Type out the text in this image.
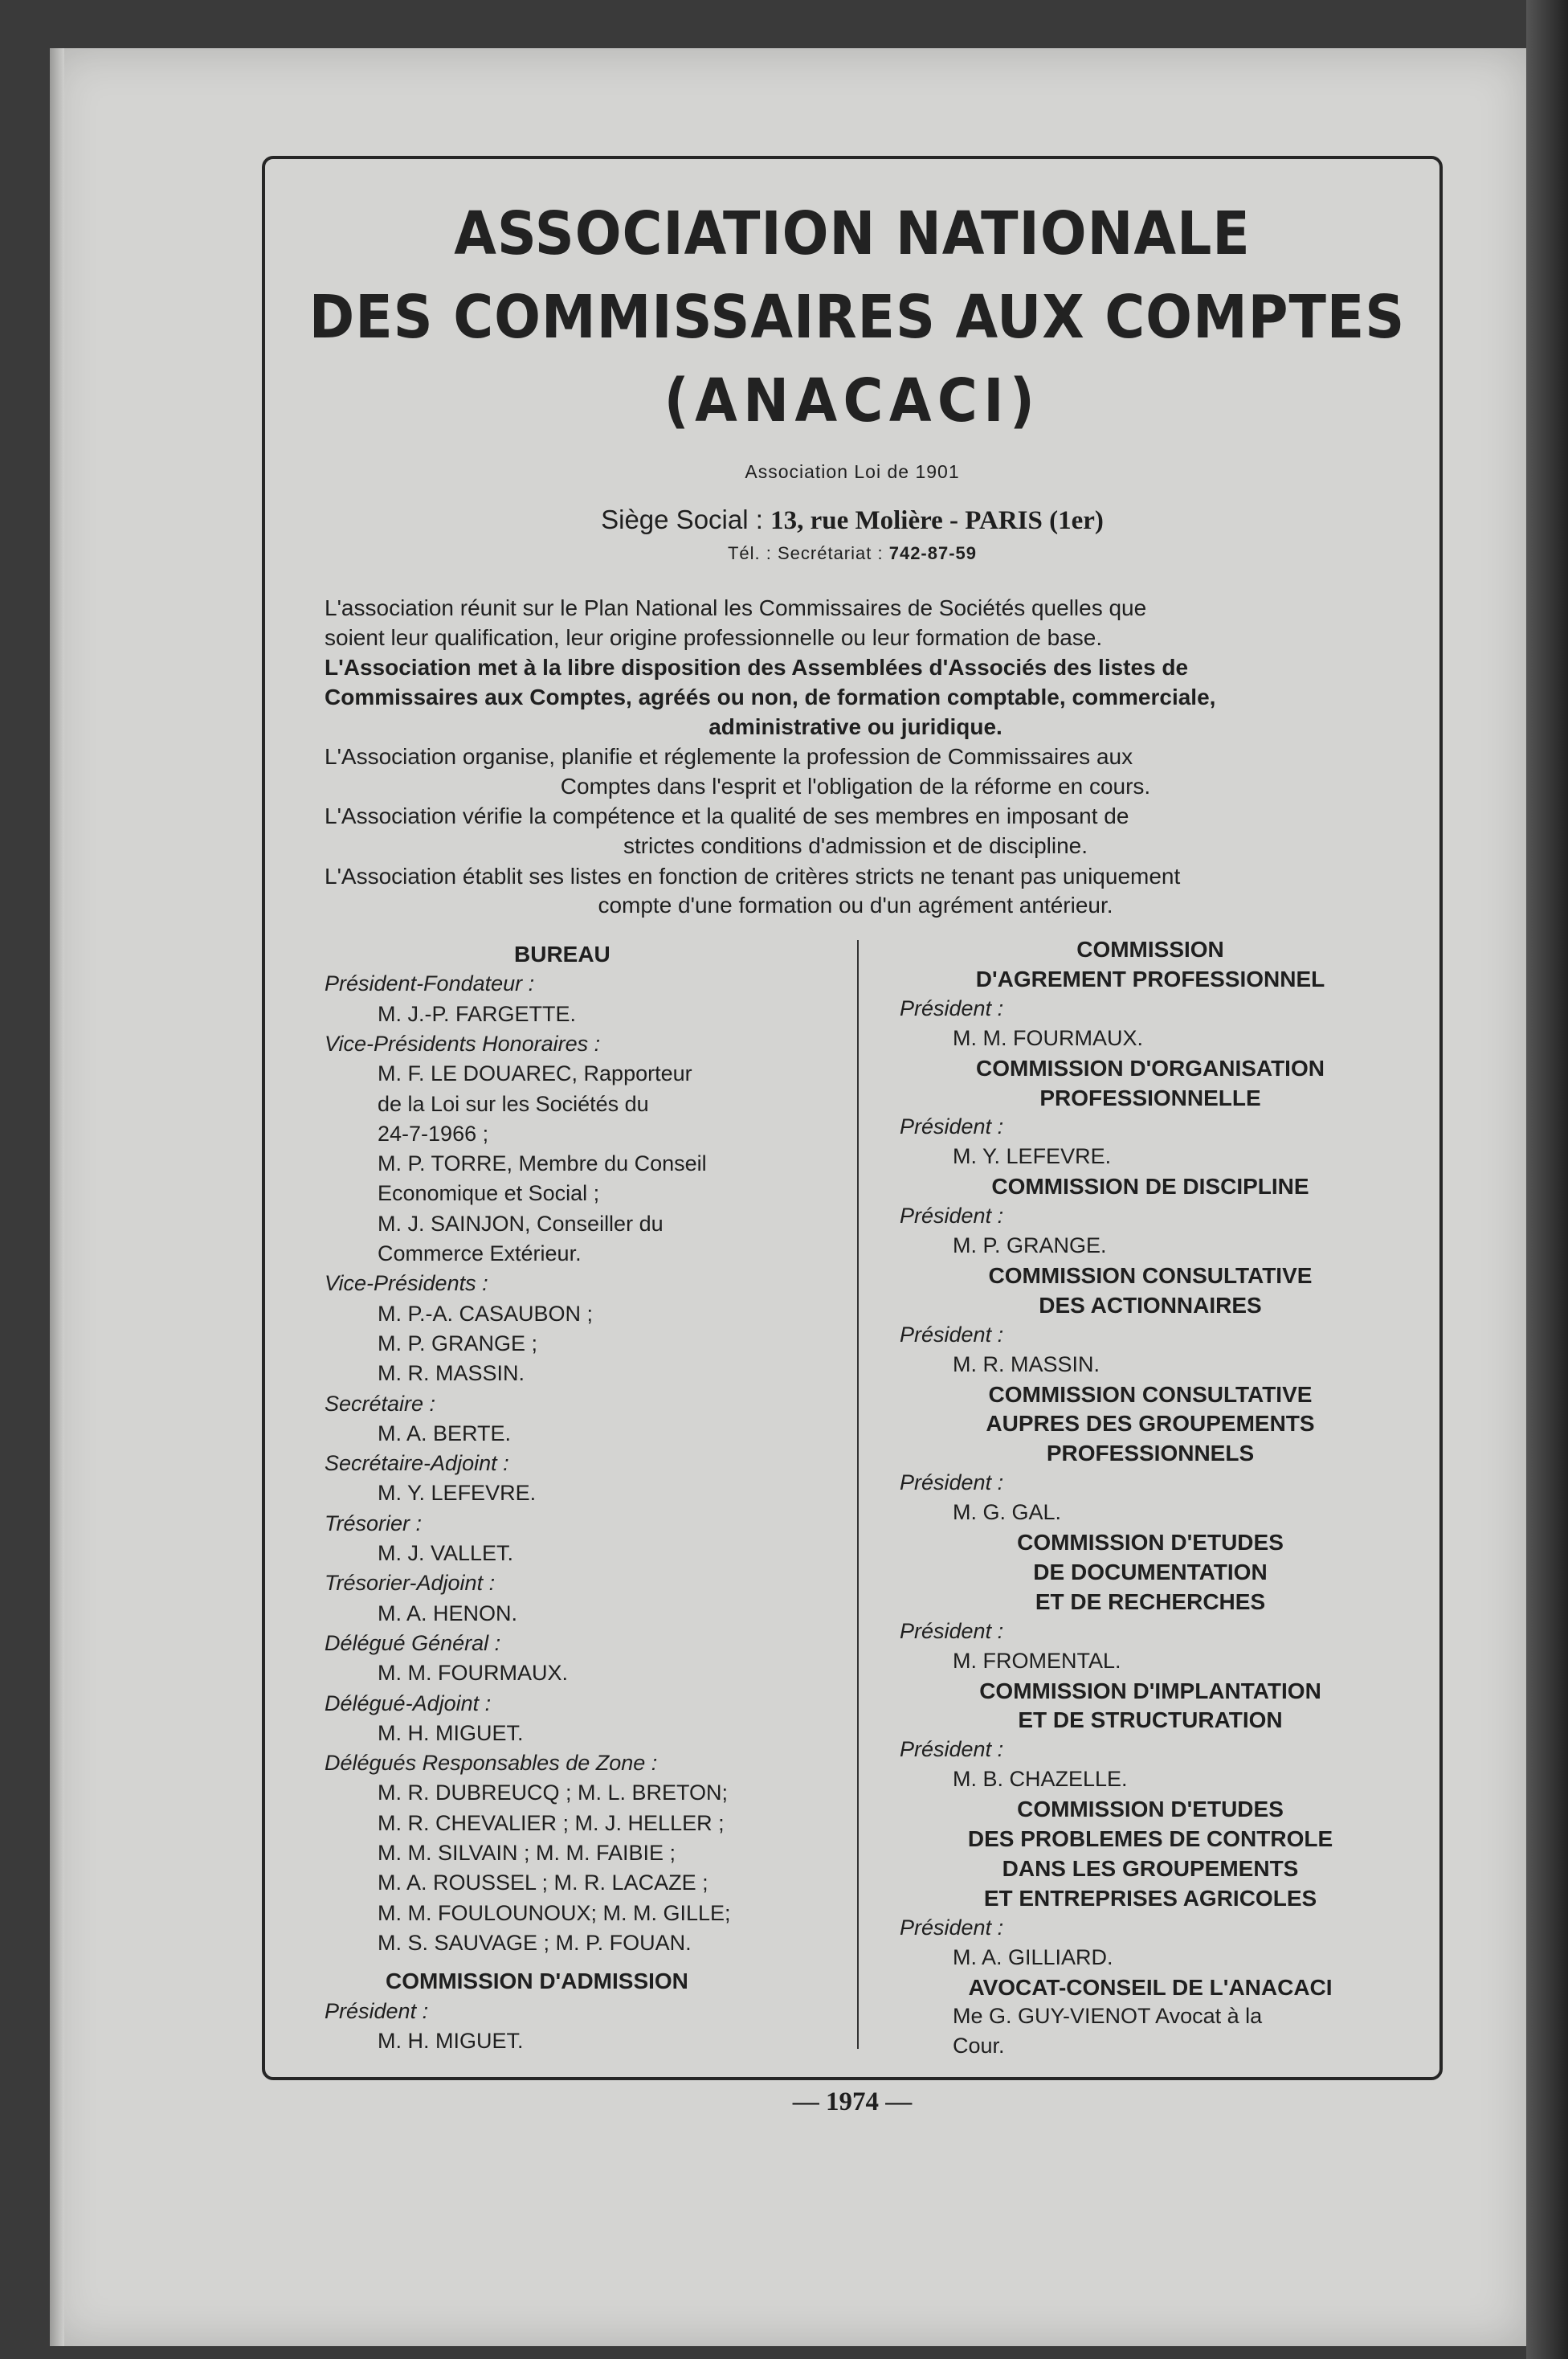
ASSOCIATION NATIONALE
DES COMMISSAIRES AUX COMPTES
(ANACACI)
Association Loi de 1901
Siège Social : 13, rue Molière - PARIS (1er)
Tél. : Secrétariat : 742-87-59
L'association réunit sur le Plan National les Commissaires de Sociétés quelles que
soient leur qualification, leur origine professionnelle ou leur formation de base.
L'Association met à la libre disposition des Assemblées d'Associés des listes de
Commissaires aux Comptes, agréés ou non, de formation comptable, commerciale,
administrative ou juridique.
L'Association organise, planifie et réglemente la profession de Commissaires aux
Comptes dans l'esprit et l'obligation de la réforme en cours.
L'Association vérifie la compétence et la qualité de ses membres en imposant de
strictes conditions d'admission et de discipline.
L'Association établit ses listes en fonction de critères stricts ne tenant pas uniquement
compte d'une formation ou d'un agrément antérieur.
BUREAU
Président-Fondateur :
M. J.-P. FARGETTE.
Vice-Présidents Honoraires :
M. F. LE DOUAREC, Rapporteur
de la Loi sur les Sociétés du
24-7-1966 ;
M. P. TORRE, Membre du Conseil
Economique et Social ;
M. J. SAINJON, Conseiller du
Commerce Extérieur.
Vice-Présidents :
M. P.-A. CASAUBON ;
M. P. GRANGE ;
M. R. MASSIN.
Secrétaire :
M. A. BERTE.
Secrétaire-Adjoint :
M. Y. LEFEVRE.
Trésorier :
M. J. VALLET.
Trésorier-Adjoint :
M. A. HENON.
Délégué Général :
M. M. FOURMAUX.
Délégué-Adjoint :
M. H. MIGUET.
Délégués Responsables de Zone :
M. R. DUBREUCQ ; M. L. BRETON;
M. R. CHEVALIER ; M. J. HELLER ;
M. M. SILVAIN ; M. M. FAIBIE ;
M. A. ROUSSEL ; M. R. LACAZE ;
M. M. FOULOUNOUX; M. M. GILLE;
M. S. SAUVAGE ; M. P. FOUAN.
COMMISSION D'ADMISSION
Président :
M. H. MIGUET.
COMMISSION
D'AGREMENT PROFESSIONNEL
Président :
M. M. FOURMAUX.
COMMISSION D'ORGANISATION
PROFESSIONNELLE
Président :
M. Y. LEFEVRE.
COMMISSION DE DISCIPLINE
Président :
M. P. GRANGE.
COMMISSION CONSULTATIVE
DES ACTIONNAIRES
Président :
M. R. MASSIN.
COMMISSION CONSULTATIVE
AUPRES DES GROUPEMENTS
PROFESSIONNELS
Président :
M. G. GAL.
COMMISSION D'ETUDES
DE DOCUMENTATION
ET DE RECHERCHES
Président :
M. FROMENTAL.
COMMISSION D'IMPLANTATION
ET DE STRUCTURATION
Président :
M. B. CHAZELLE.
COMMISSION D'ETUDES
DES PROBLEMES DE CONTROLE
DANS LES GROUPEMENTS
ET ENTREPRISES AGRICOLES
Président :
M. A. GILLIARD.
AVOCAT-CONSEIL DE L'ANACACI
Me G. GUY-VIENOT Avocat à la
Cour.
— 1974 —
